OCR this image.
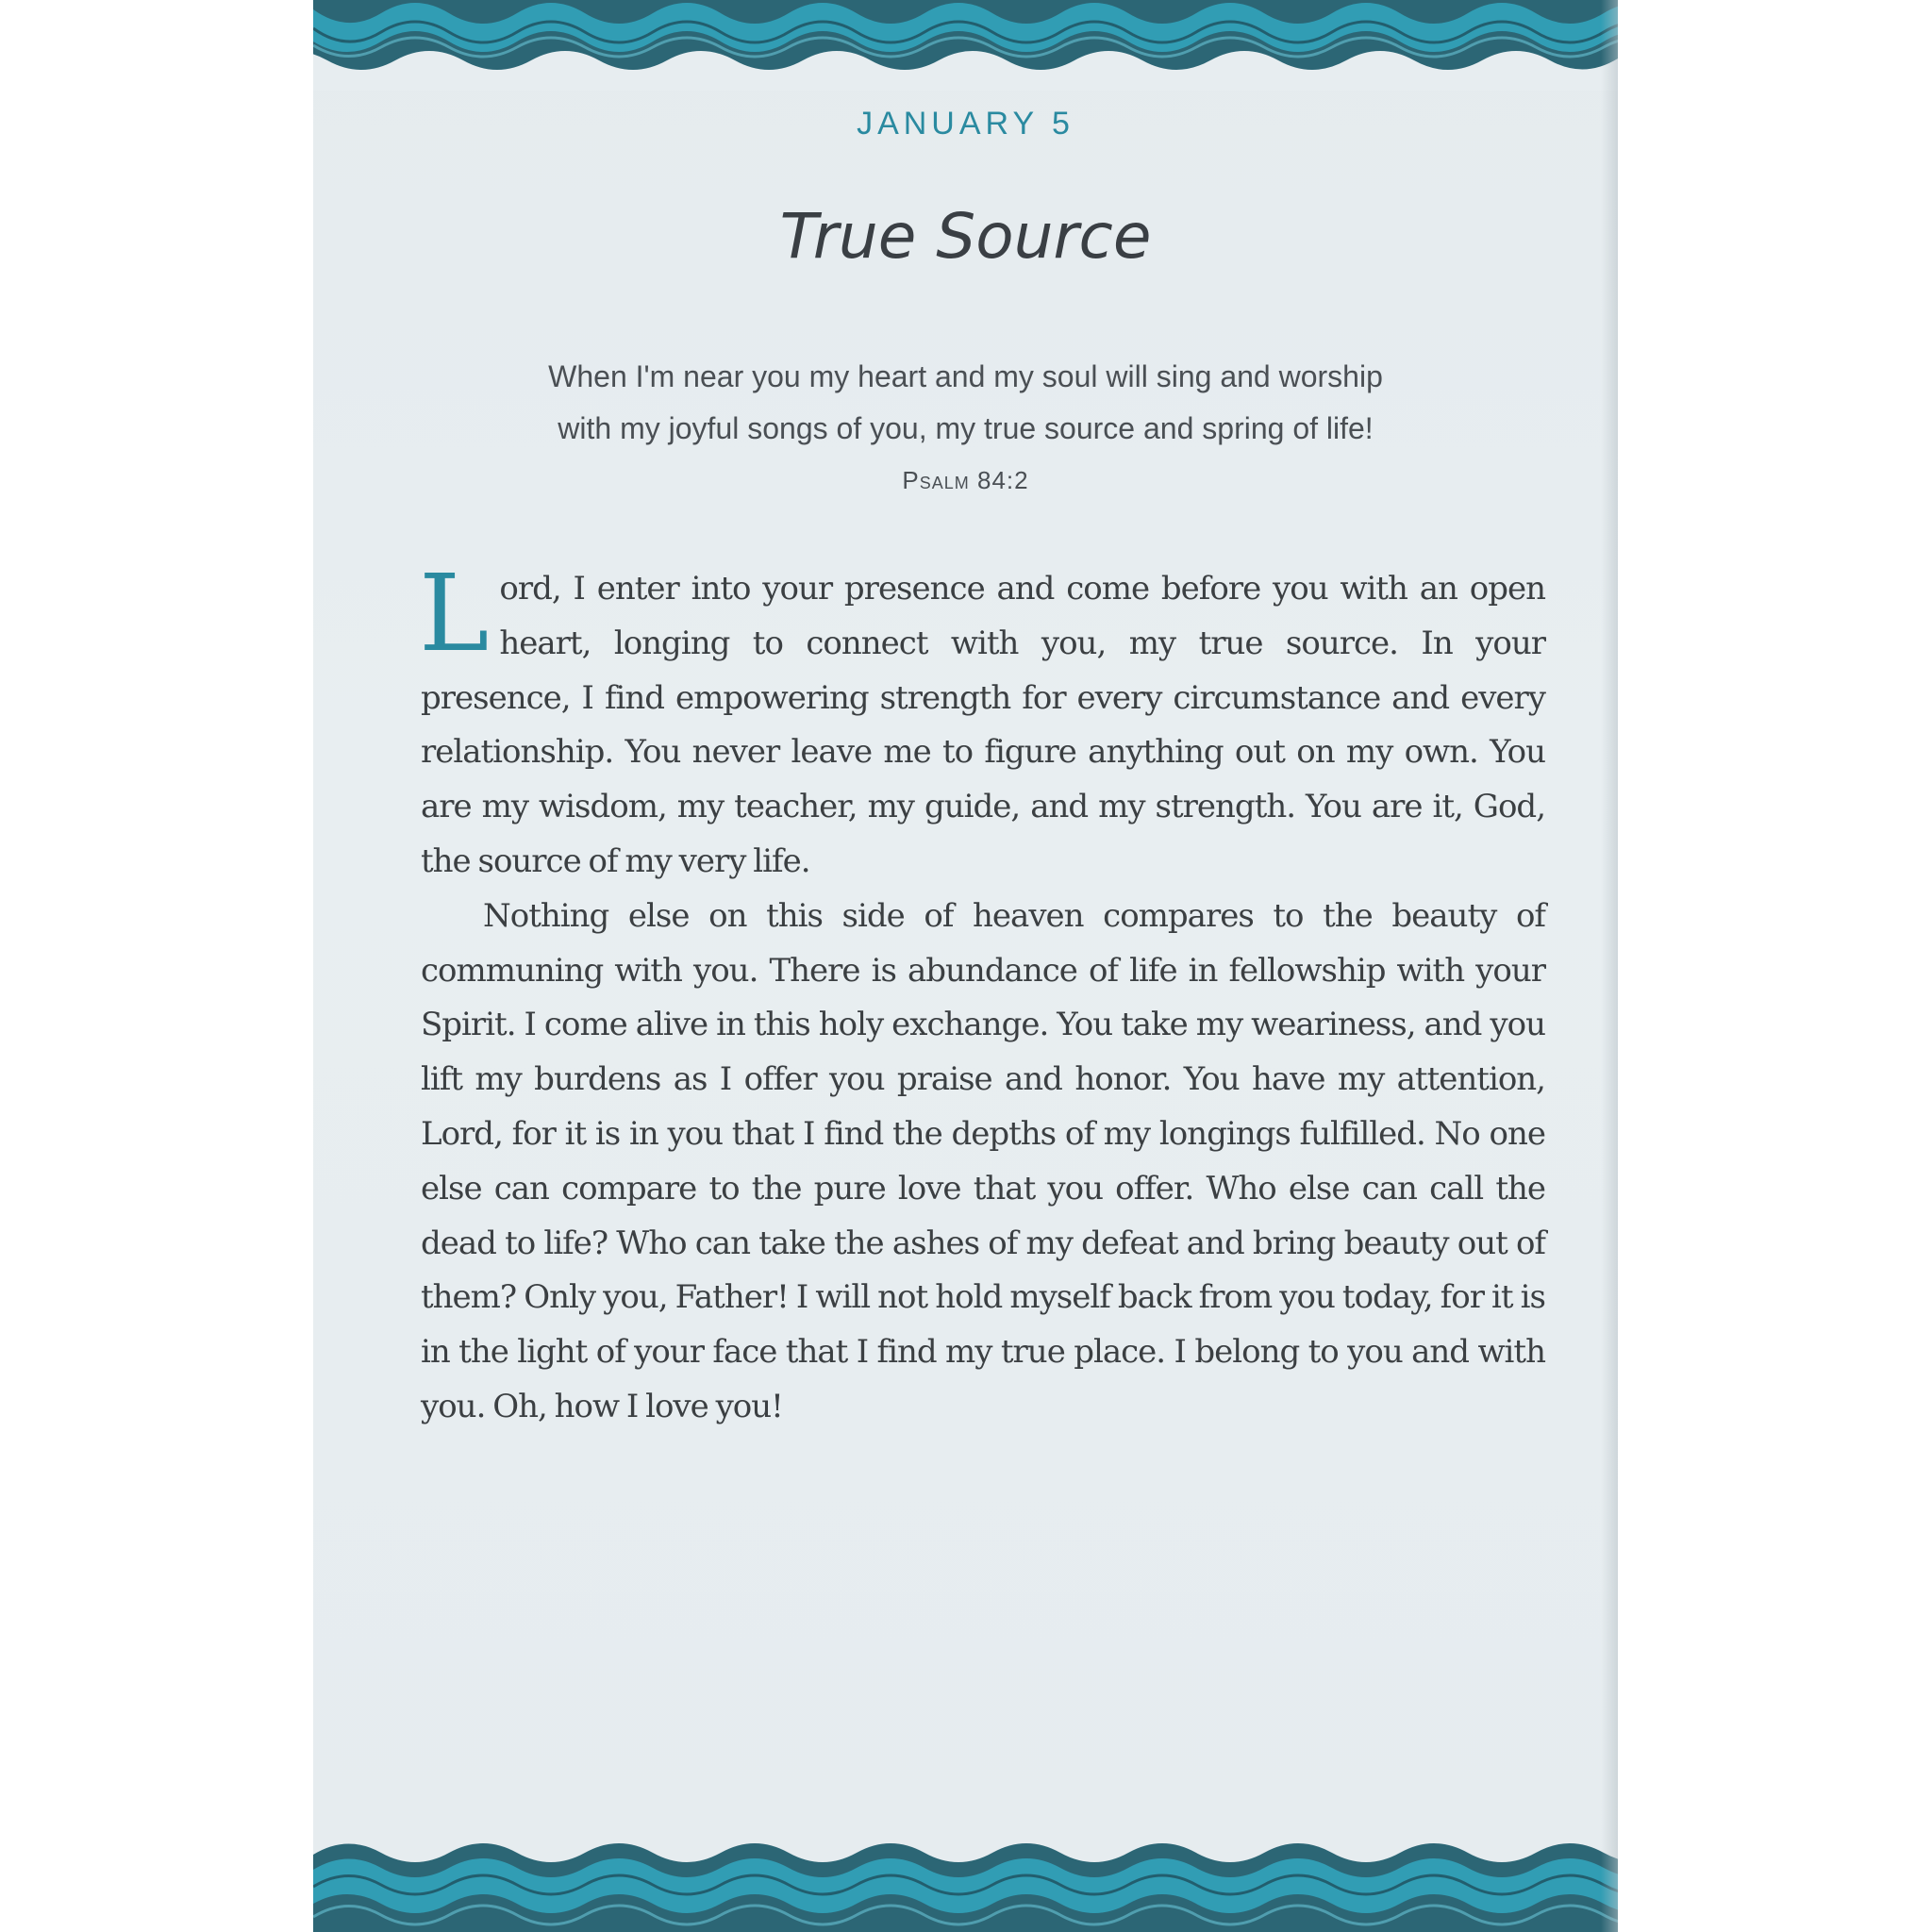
JANUARY 5
True Source
When I'm near you my heart and my soul will sing and worship
with my joyful songs of you, my true source and spring of life!
Psalm 84:2

Lord, I enter into your presence and come before you with an open heart, longing to connect with you, my true source. In your presence, I find empowering strength for every circumstance and every relationship. You never leave me to figure anything out on my own. You are my wisdom, my teacher, my guide, and my strength. You are it, God, the source of my very life.

Nothing else on this side of heaven compares to the beauty of communing with you. There is abundance of life in fellowship with your Spirit. I come alive in this holy exchange. You take my weariness, and you lift my burdens as I offer you praise and honor. You have my attention, Lord, for it is in you that I find the depths of my longings fulfilled. No one else can compare to the pure love that you offer. Who else can call the dead to life? Who can take the ashes of my defeat and bring beauty out of them? Only you, Father! I will not hold myself back from you today, for it is in the light of your face that I find my true place. I belong to you and with you. Oh, how I love you!
